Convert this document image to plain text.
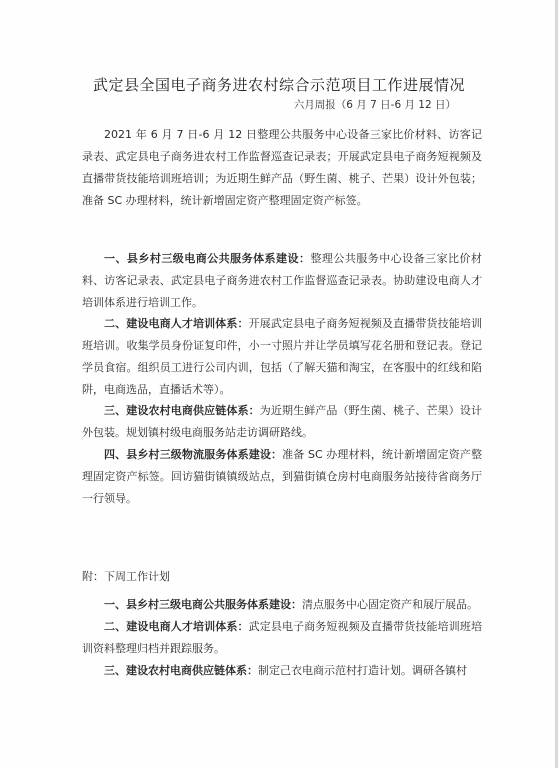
武定县全国电子商务进农村综合示范项目工作进展情况
六月周报（6 月 7 日-6 月 12 日）

2021 年 6 月 7 日-6 月 12 日整理公共服务中心设备三家比价材料、访客记录表、武定县电子商务进农村工作监督巡查记录表；开展武定县电子商务短视频及直播带货技能培训班培训；为近期生鲜产品（野生菌、桃子、芒果）设计外包装；准备 SC 办理材料，统计新增固定资产整理固定资产标签。

一、县乡村三级电商公共服务体系建设：整理公共服务中心设备三家比价材料、访客记录表、武定县电子商务进农村工作监督巡查记录表。协助建设电商人才培训体系进行培训工作。

二、建设电商人才培训体系：开展武定县电子商务短视频及直播带货技能培训班培训。收集学员身份证复印件，小一寸照片并让学员填写花名册和登记表。登记学员食宿。组织员工进行公司内训，包括（了解天猫和淘宝，在客服中的红线和陷阱，电商选品，直播话术等）。

三、建设农村电商供应链体系：为近期生鲜产品（野生菌、桃子、芒果）设计外包装。规划镇村级电商服务站走访调研路线。

四、县乡村三级物流服务体系建设：准备 SC 办理材料，统计新增固定资产整理固定资产标签。回访猫街镇镇级站点，到猫街镇仓房村电商服务站接待省商务厅一行领导。

附：下周工作计划

一、县乡村三级电商公共服务体系建设：清点服务中心固定资产和展厅展品。

二、建设电商人才培训体系：武定县电子商务短视频及直播带货技能培训班培训资料整理归档并跟踪服务。

三、建设农村电商供应链体系：制定己衣电商示范村打造计划。调研各镇村
